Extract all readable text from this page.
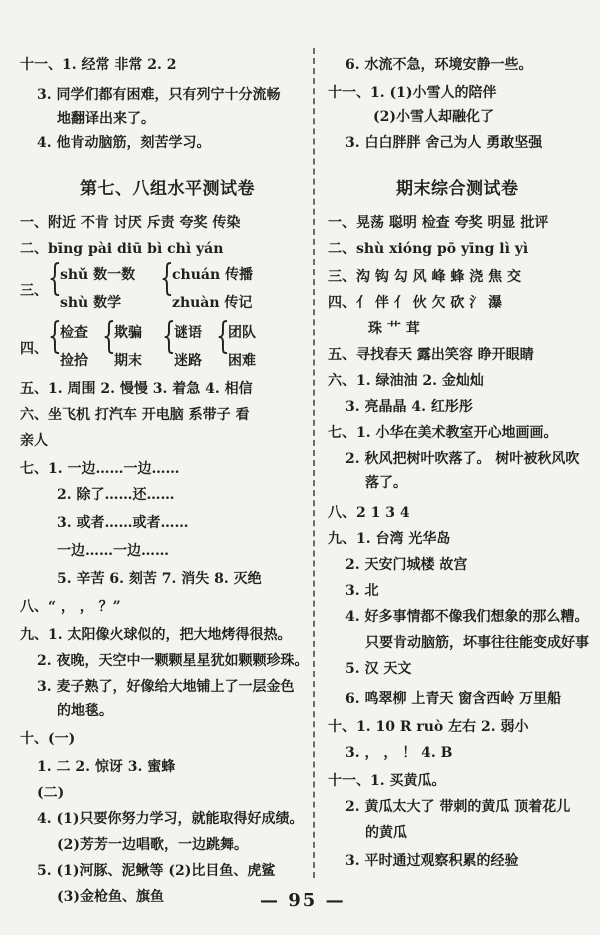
十一、1. 经常 非常 2. 2
3. 同学们都有困难，只有列宁十分流畅
地翻译出来了。
4. 他肯动脑筋，刻苦学习。
第七、八组水平测试卷
一、附近 不肯 讨厌 斥责 夸奖 传染
二、bīng pài diū bì chì yán
三、 {
shǔ 数一数
shù 数学
{
chuán 传播
zhuàn 传记
四、 {
检查
捡拾
{
欺骗
期末
{
谜语
迷路
{
团队
困难
五、1. 周围 2. 慢慢 3. 着急 4. 相信
六、坐飞机 打汽车 开电脑 系带子 看
亲人
七、1. 一边……一边……
2. 除了……还……
3. 或者……或者……
一边……一边……
5. 辛苦 6. 刻苦 7. 消失 8. 灭绝
八、“ ， ， ？”
九、1. 太阳像火球似的，把大地烤得很热。
2. 夜晚，天空中一颗颗星星犹如颗颗珍珠。
3. 麦子熟了，好像给大地铺上了一层金色
的地毯。
十、(一)
1. 二 2. 惊讶 3. 蜜蜂
(二)
4. (1)只要你努力学习，就能取得好成绩。
(2)芳芳一边唱歌，一边跳舞。
5. (1)河豚、泥鳅等 (2)比目鱼、虎鲨
(3)金枪鱼、旗鱼
6. 水流不急，环境安静一些。
十一、1. (1)小雪人的陪伴
(2)小雪人却融化了
3. 白白胖胖 舍己为人 勇敢坚强
期末综合测试卷
一、晃荡 聪明 检查 夸奖 明显 批评
二、shù xióng pō yīng lì yì
三、沟 钩 勾 风 峰 蜂 浇 焦 交
四、亻 伴 亻 伙 欠 砍 氵 瀑
珠 艹 茸
五、寻找春天 露出笑容 睁开眼睛
六、1. 绿油油 2. 金灿灿
3. 亮晶晶 4. 红彤彤
七、1. 小华在美术教室开心地画画。
2. 秋风把树叶吹落了。 树叶被秋风吹
落了。
八、2 1 3 4
九、1. 台湾 光华岛
2. 天安门城楼 故宫
3. 北
4. 好多事情都不像我们想象的那么糟。
只要肯动脑筋，坏事往往能变成好事
5. 汉 天文
6. 鸣翠柳 上青天 窗含西岭 万里船
十、1. 10 R ruò 左右 2. 弱小
3. ， ， ！ 4. B
十一、1. 买黄瓜。
2. 黄瓜太大了 带刺的黄瓜 顶着花儿
的黄瓜
3. 平时通过观察积累的经验
— 95 —
